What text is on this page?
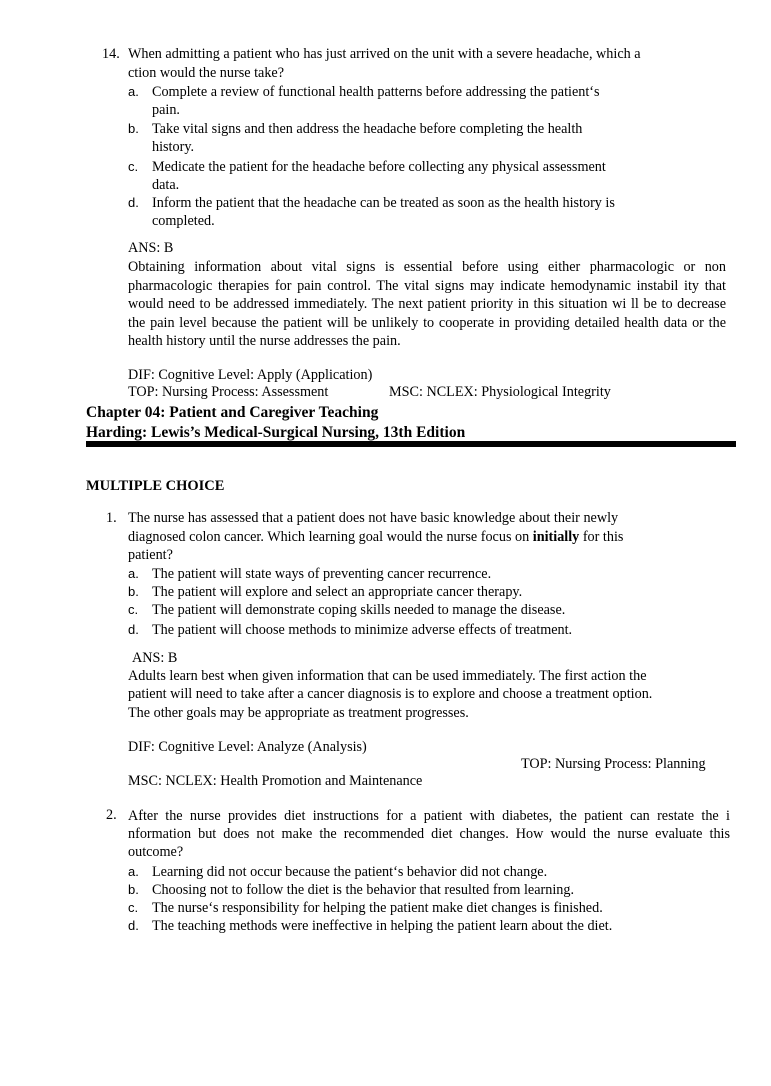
14. When admitting a patient who has just arrived on the unit with a severe headache, which a
ction would the nurse take?
a. Complete a review of functional health patterns before addressing the patient‘s
pain.
b. Take vital signs and then address the headache before completing the health
history.
c. Medicate the patient for the headache before collecting any physical assessment
data.
d. Inform the patient that the headache can be treated as soon as the health history is
completed.
ANS: B
Obtaining information about vital signs is essential before using either pharmacologic or non pharmacologic therapies for pain control. The vital signs may indicate hemodynamic instabil ity that would need to be addressed immediately. The next patient priority in this situation wi ll be to decrease the pain level because the patient will be unlikely to cooperate in providing detailed health data or the health history until the nurse addresses the pain.
DIF: Cognitive Level: Apply (Application)
TOP: Nursing Process: Assessment	MSC: NCLEX: Physiological Integrity
Chapter 04: Patient and Caregiver Teaching
Harding: Lewis’s Medical-Surgical Nursing, 13th Edition
MULTIPLE CHOICE
1. The nurse has assessed that a patient does not have basic knowledge about their newly
diagnosed colon cancer. Which learning goal would the nurse focus on initially for this
patient?
a. The patient will state ways of preventing cancer recurrence.
b. The patient will explore and select an appropriate cancer therapy.
c. The patient will demonstrate coping skills needed to manage the disease.
d. The patient will choose methods to minimize adverse effects of treatment.
ANS: B
Adults learn best when given information that can be used immediately. The first action the
patient will need to take after a cancer diagnosis is to explore and choose a treatment option.
The other goals may be appropriate as treatment progresses.
DIF: Cognitive Level: Analyze (Analysis)
TOP: Nursing Process: Planning
MSC: NCLEX: Health Promotion and Maintenance
2. After the nurse provides diet instructions for a patient with diabetes, the patient can restate the i nformation but does not make the recommended diet changes. How would the nurse evaluate this outcome?
a. Learning did not occur because the patient‘s behavior did not change.
b. Choosing not to follow the diet is the behavior that resulted from learning.
c. The nurse‘s responsibility for helping the patient make diet changes is finished.
d. The teaching methods were ineffective in helping the patient learn about the diet.
